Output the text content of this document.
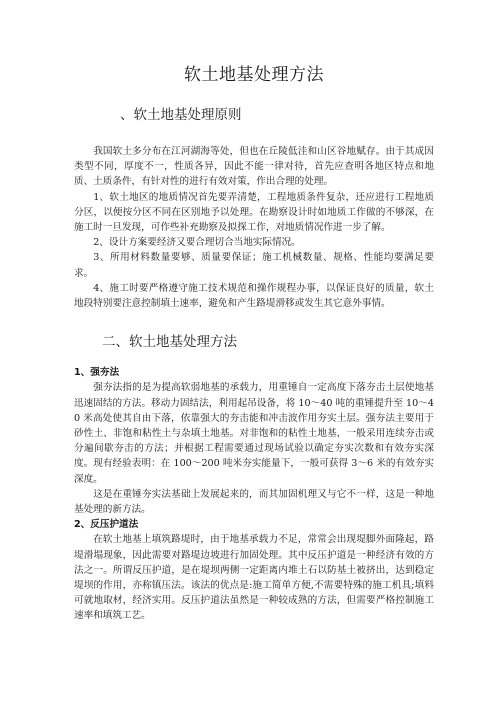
软土地基处理方法
、软土地基处理原则

我国软土多分布在江河湖海等处，但也在丘陵低洼和山区谷地赋存。由于其成因类型不同，厚度不一，性质各异，因此不能一律对待，首先应查明各地区特点和地质、土质条件，有针对性的进行有效对策，作出合理的处理。

1、软土地区的地质情况首先要弄清楚，工程地质条件复杂，还应进行工程地质分区，以便按分区不同在区别地予以处理。在勘察设计时如地质工作做的不够深，在施工时一旦发现，可作些补充勘察及拟探工作，对地质情况作进一步了解。

2、设计方案要经济又要合理切合当地实际情况。

3、所用材料数量要够、质量要保证；施工机械数量、规格、性能均要满足要求。

4、施工时要严格遵守施工技术规范和操作规程办事，以保证良好的质量，软土地段特别要注意控制填土速率，避免和产生路堤滑移或发生其它意外事情。

二、软土地基处理方法
1、强夯法

强夯法指的是为提高软弱地基的承载力，用重锤自一定高度下落夯击土层使地基迅速固结的方法。移动力固结法，利用起吊设备，将 10～40 吨的重锤提升至 10～40 米高处使其自由下落，依靠强大的夯击能和冲击波作用夯实土层。强夯法主要用于砂性土、非饱和粘性土与杂填土地基。对非饱和的粘性土地基，一般采用连续夯击或分遍间歇夯击的方法；并根据工程需要通过现场试验以确定夯实次数和有效夯实深度。现有经验表明：在 100～200 吨米夯实能量下，一般可获得 3～6 米的有效夯实深度。

这是在重锤夯实法基础上发展起来的，而其加固机理又与它不一样，这是一种地基处理的新方法。

2、反压护道法

在软土地基上填筑路堤时，由于地基承载力不足，常常会出现堤脚外面隆起，路堤滑塌现象，因此需要对路堤边坡进行加固处理。其中反压护道是一种经济有效的方法之一。所谓反压护道，是在堤坝两侧一定距离内堆土石以防基土被挤出，达到稳定堤坝的作用，亦称镇压法。该法的优点是:施工简单方便,不需要特殊的施工机具;填料可就地取材，经济实用。反压护道法虽然是一种较成熟的方法，但需要严格控制施工速率和填筑工艺。
